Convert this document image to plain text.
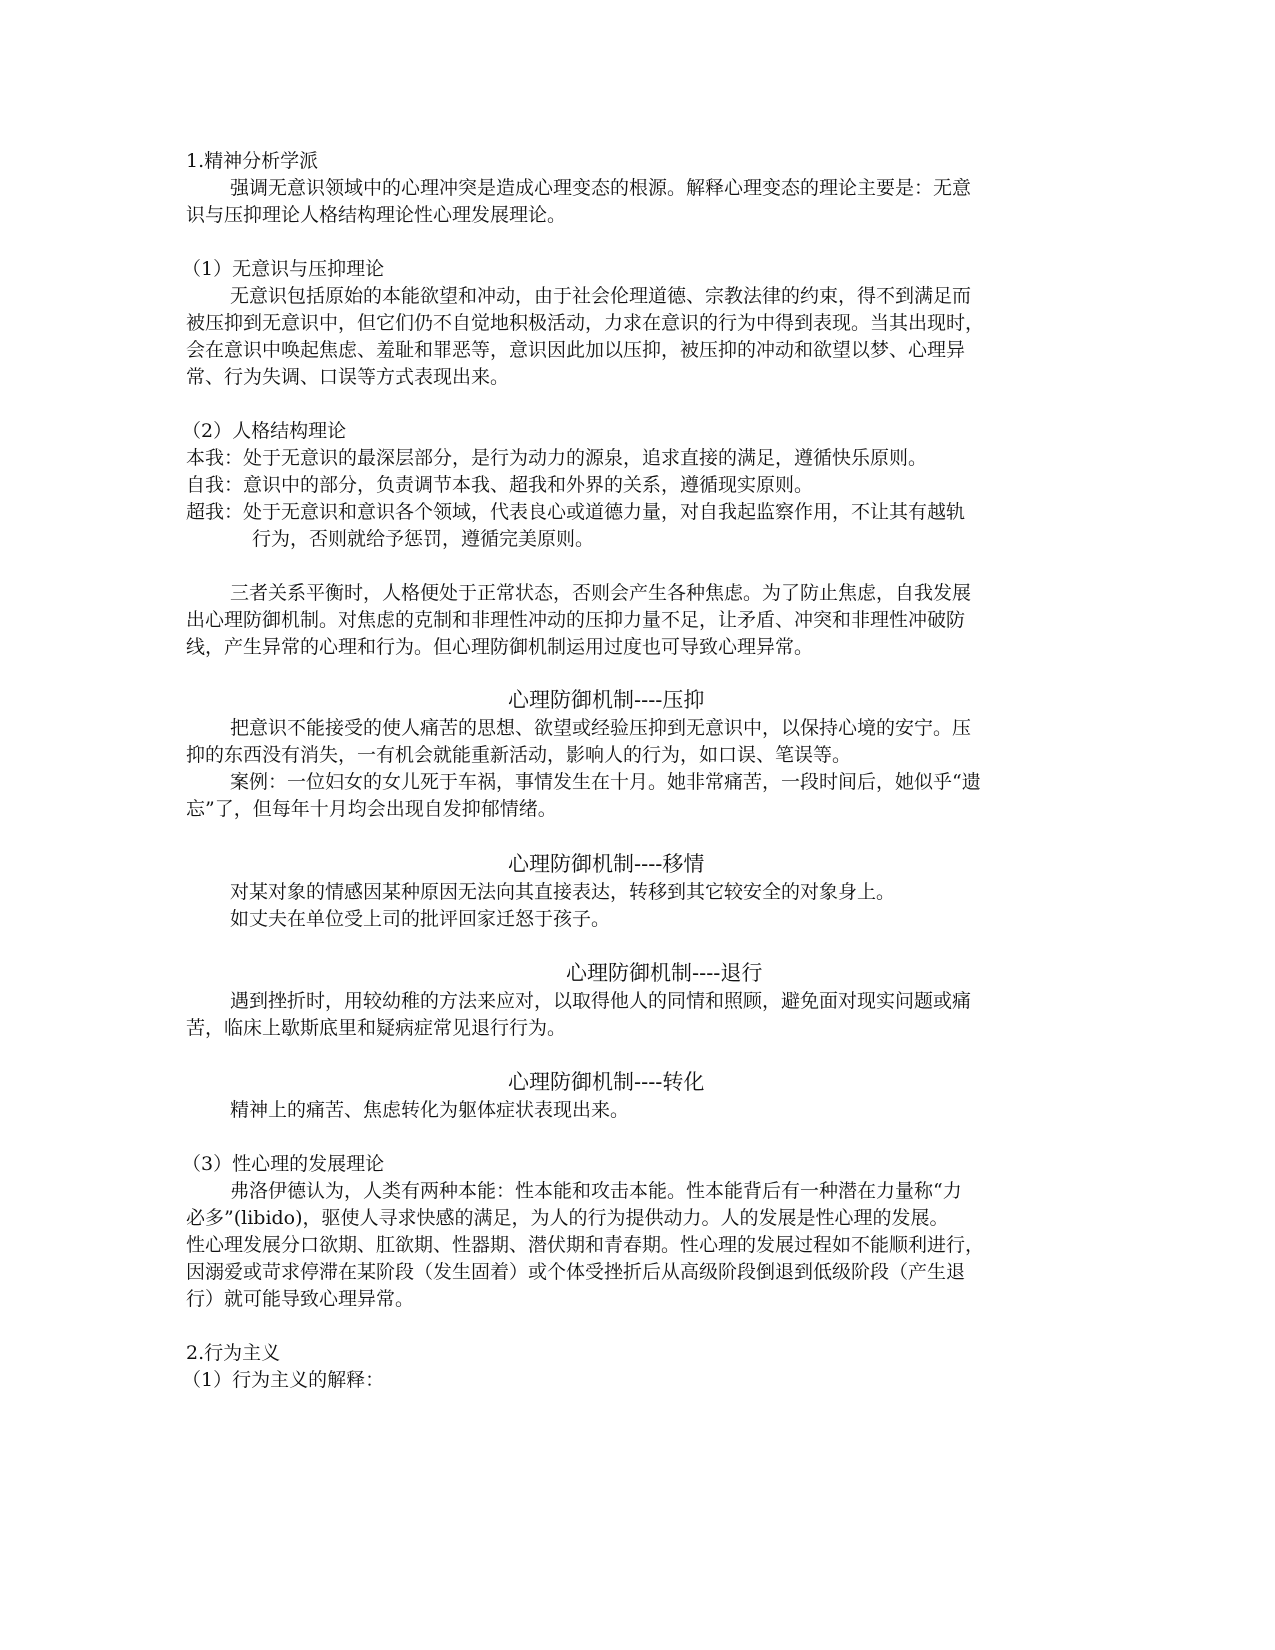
1.精神分析学派
强调无意识领域中的心理冲突是造成心理变态的根源。解释心理变态的理论主要是：无意
识与压抑理论人格结构理论性心理发展理论。
（1）无意识与压抑理论
无意识包括原始的本能欲望和冲动，由于社会伦理道德、宗教法律的约束，得不到满足而
被压抑到无意识中，但它们仍不自觉地积极活动，力求在意识的行为中得到表现。当其出现时，
会在意识中唤起焦虑、羞耻和罪恶等，意识因此加以压抑，被压抑的冲动和欲望以梦、心理异
常、行为失调、口误等方式表现出来。
（2）人格结构理论
本我：处于无意识的最深层部分，是行为动力的源泉，追求直接的满足，遵循快乐原则。
自我：意识中的部分，负责调节本我、超我和外界的关系，遵循现实原则。
超我：处于无意识和意识各个领域，代表良心或道德力量，对自我起监察作用，不让其有越轨
行为，否则就给予惩罚，遵循完美原则。
三者关系平衡时，人格便处于正常状态，否则会产生各种焦虑。为了防止焦虑，自我发展
出心理防御机制。对焦虑的克制和非理性冲动的压抑力量不足，让矛盾、冲突和非理性冲破防
线，产生异常的心理和行为。但心理防御机制运用过度也可导致心理异常。
心理防御机制----压抑
把意识不能接受的使人痛苦的思想、欲望或经验压抑到无意识中，以保持心境的安宁。压
抑的东西没有消失，一有机会就能重新活动，影响人的行为，如口误、笔误等。
案例：一位妇女的女儿死于车祸，事情发生在十月。她非常痛苦，一段时间后，她似乎“遗
忘”了，但每年十月均会出现自发抑郁情绪。
心理防御机制----移情
对某对象的情感因某种原因无法向其直接表达，转移到其它较安全的对象身上。
如丈夫在单位受上司的批评回家迁怒于孩子。
心理防御机制----退行
遇到挫折时，用较幼稚的方法来应对，以取得他人的同情和照顾，避免面对现实问题或痛
苦，临床上歇斯底里和疑病症常见退行行为。
心理防御机制----转化
精神上的痛苦、焦虑转化为躯体症状表现出来。
（3）性心理的发展理论
弗洛伊德认为，人类有两种本能：性本能和攻击本能。性本能背后有一种潜在力量称“力
必多”(libido)，驱使人寻求快感的满足，为人的行为提供动力。人的发展是性心理的发展。
性心理发展分口欲期、肛欲期、性器期、潜伏期和青春期。性心理的发展过程如不能顺利进行，
因溺爱或苛求停滞在某阶段（发生固着）或个体受挫折后从高级阶段倒退到低级阶段（产生退
行）就可能导致心理异常。
2.行为主义
（1）行为主义的解释：
